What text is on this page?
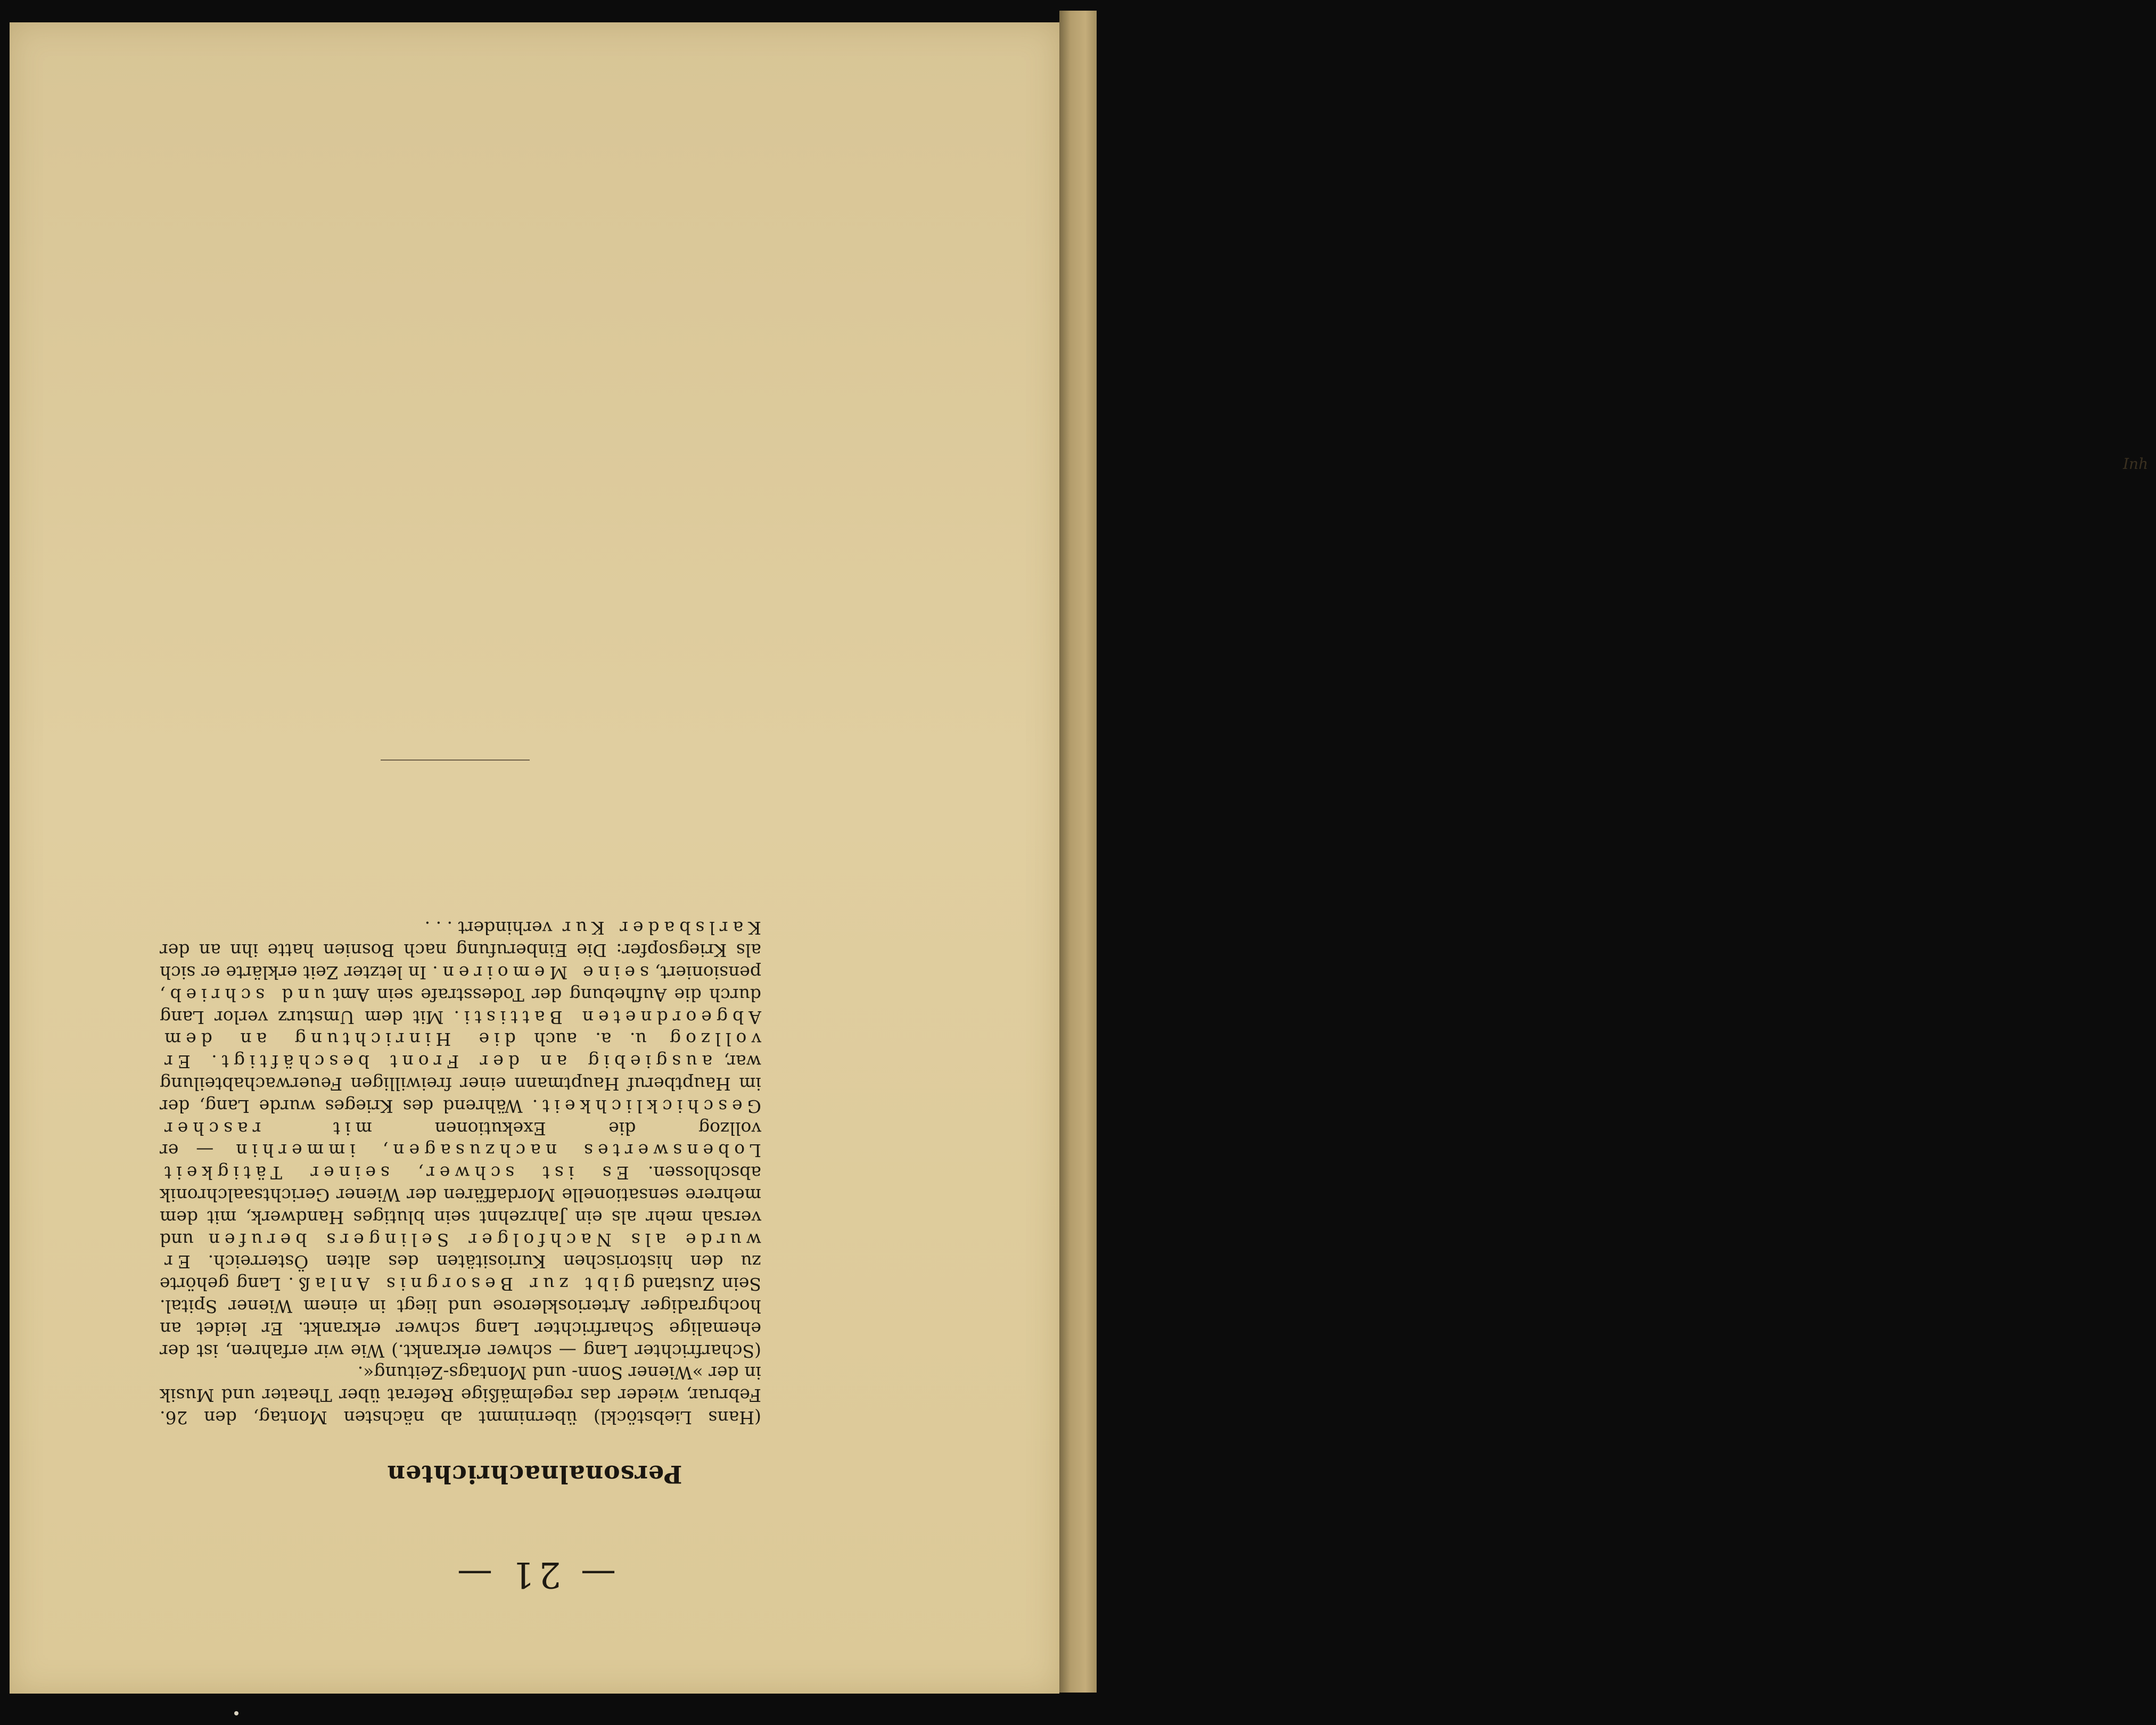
Inh
— 21 —
Personalnachrichten

(Hans Liebstöckl) übernimmt ab nächsten Montag, den 26. Februar, wieder das regelmäßige Referat über Theater und Musik in der »Wiener Sonn- und Montags-Zeitung«.

(Scharfrichter Lang — schwer erkrankt.) Wie wir erfahren, ist der ehemalige Scharfrichter Lang schwer erkrankt. Er leidet an hochgradiger Arteriosklerose und liegt in einem Wiener Spital. Sein Zustand gibt zur Besorgnis Anlaß. Lang gehörte zu den historischen Kuriositäten des alten Österreich. Er wurde als Nachfolger Selingers berufen und versah mehr als ein Jahrzehnt sein blutiges Handwerk, mit dem mehrere sensationelle Mordaffären der Wiener Gerichtsaalchronik abschlossen. Es ist schwer, seiner Tätigkeit Lobenswertes nachzusagen, immerhin — er vollzog die Exekutionen mit rascher Geschicklichkeit. Während des Krieges wurde Lang, der im Hauptberuf Hauptmann einer freiwilligen Feuerwachabteilung war, ausgiebig an der Front beschäftigt. Er vollzog u. a. auch die Hinrichtung an dem Abgeordneten Battisti. Mit dem Umsturz verlor Lang durch die Aufhebung der Todesstrafe sein Amt und schrieb, pensioniert, seine Memoiren. In letzter Zeit erklärte er sich als Kriegsopfer: Die Einberufung nach Bosnien hatte ihn an der Karlsbader Kur verhindert . . .
